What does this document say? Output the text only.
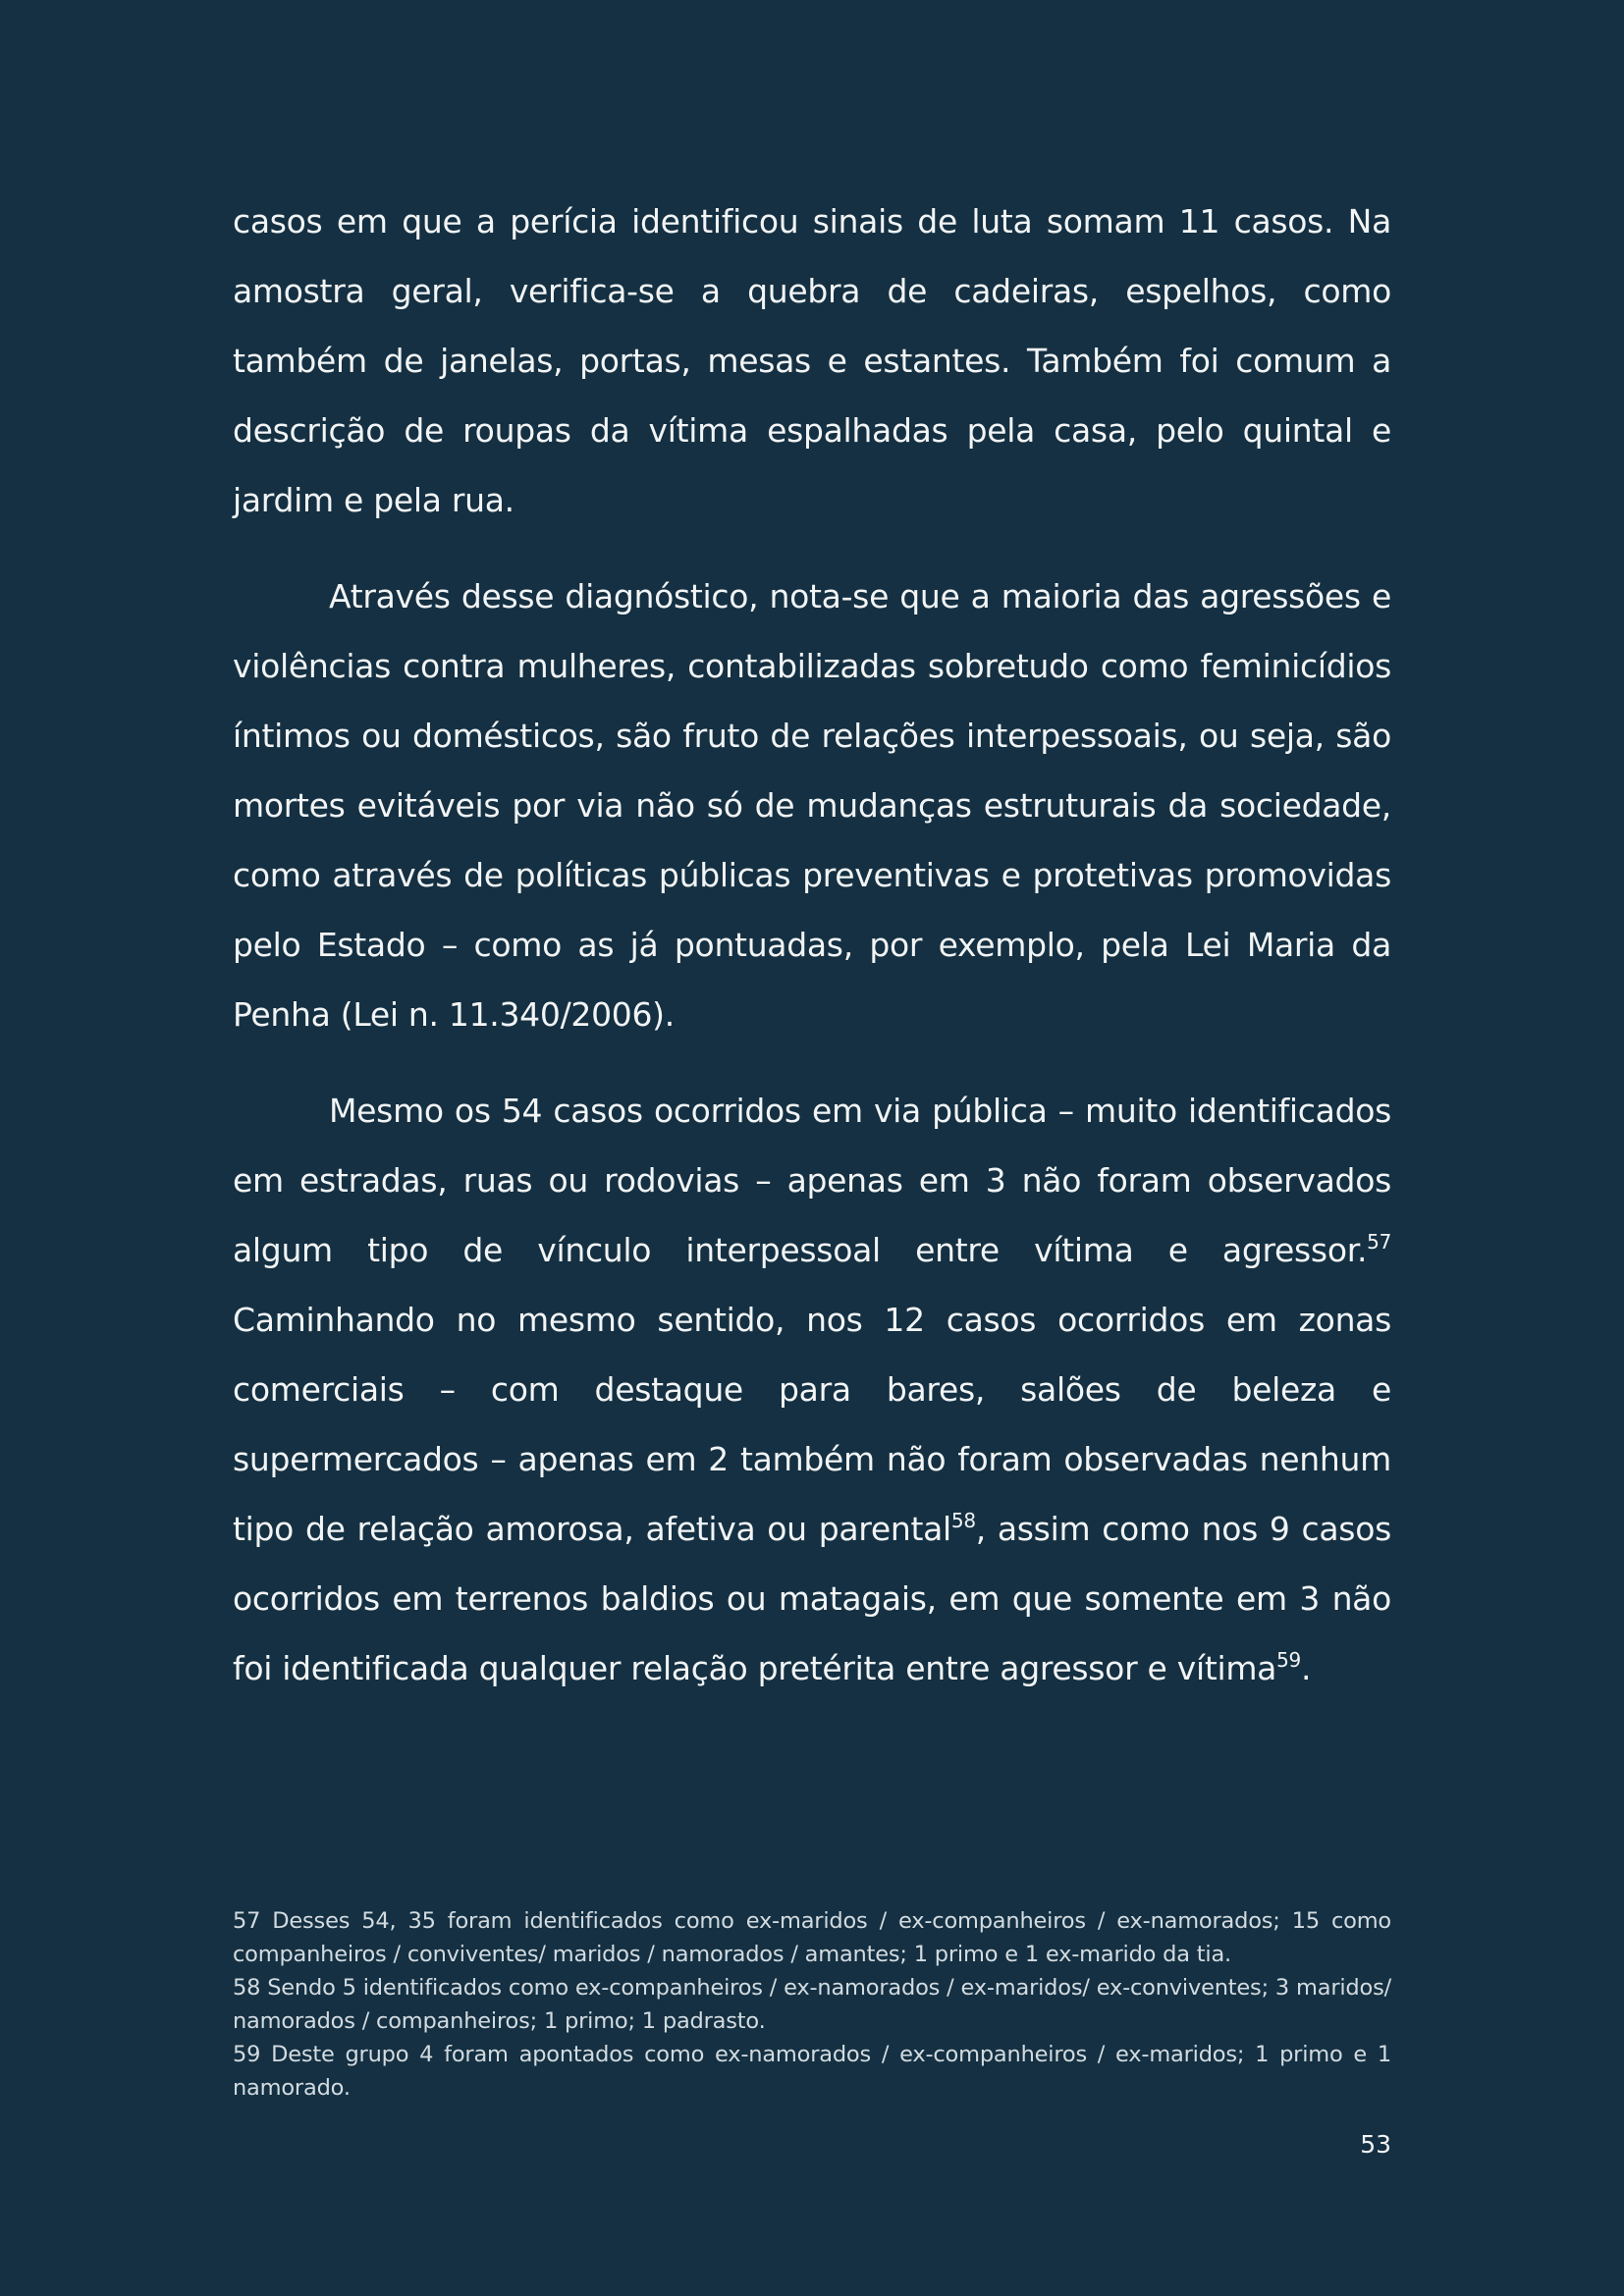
casos em que a perícia identificou sinais de luta somam 11 casos. Na amostra geral, verifica-se a quebra de cadeiras, espelhos, como também de janelas, portas, mesas e estantes. Também foi comum a descrição de roupas da vítima espalhadas pela casa, pelo quintal e jardim e pela rua.

Através desse diagnóstico, nota-se que a maioria das agressões e violências contra mulheres, contabilizadas sobretudo como feminicídios íntimos ou domésticos, são fruto de relações interpessoais, ou seja, são mortes evitáveis por via não só de mudanças estruturais da sociedade, como através de políticas públicas preventivas e protetivas promovidas pelo Estado – como as já pontuadas, por exemplo, pela Lei Maria da Penha (Lei n. 11.340/2006).

Mesmo os 54 casos ocorridos em via pública – muito identificados em estradas, ruas ou rodovias – apenas em 3 não foram observados algum tipo de vínculo interpessoal entre vítima e agressor.$^{57}$ Caminhando no mesmo sentido, nos 12 casos ocorridos em zonas comerciais – com destaque para bares, salões de beleza e supermercados – apenas em 2 também não foram observadas nenhum tipo de relação amorosa, afetiva ou parental$^{58}$, assim como nos 9 casos ocorridos em terrenos baldios ou matagais, em que somente em 3 não foi identificada qualquer relação pretérita entre agressor e vítima$^{59}$.

57 Desses 54, 35 foram identificados como ex-maridos / ex-companheiros / ex-namorados; 15 como companheiros / conviventes/ maridos / namorados / amantes; 1 primo e 1 ex-marido da tia.

58 Sendo 5 identificados como ex-companheiros / ex-namorados / ex-maridos/ ex-conviventes; 3 maridos/ namorados / companheiros; 1 primo; 1 padrasto.

59 Deste grupo 4 foram apontados como ex-namorados / ex-companheiros / ex-maridos; 1 primo e 1 namorado.

53
